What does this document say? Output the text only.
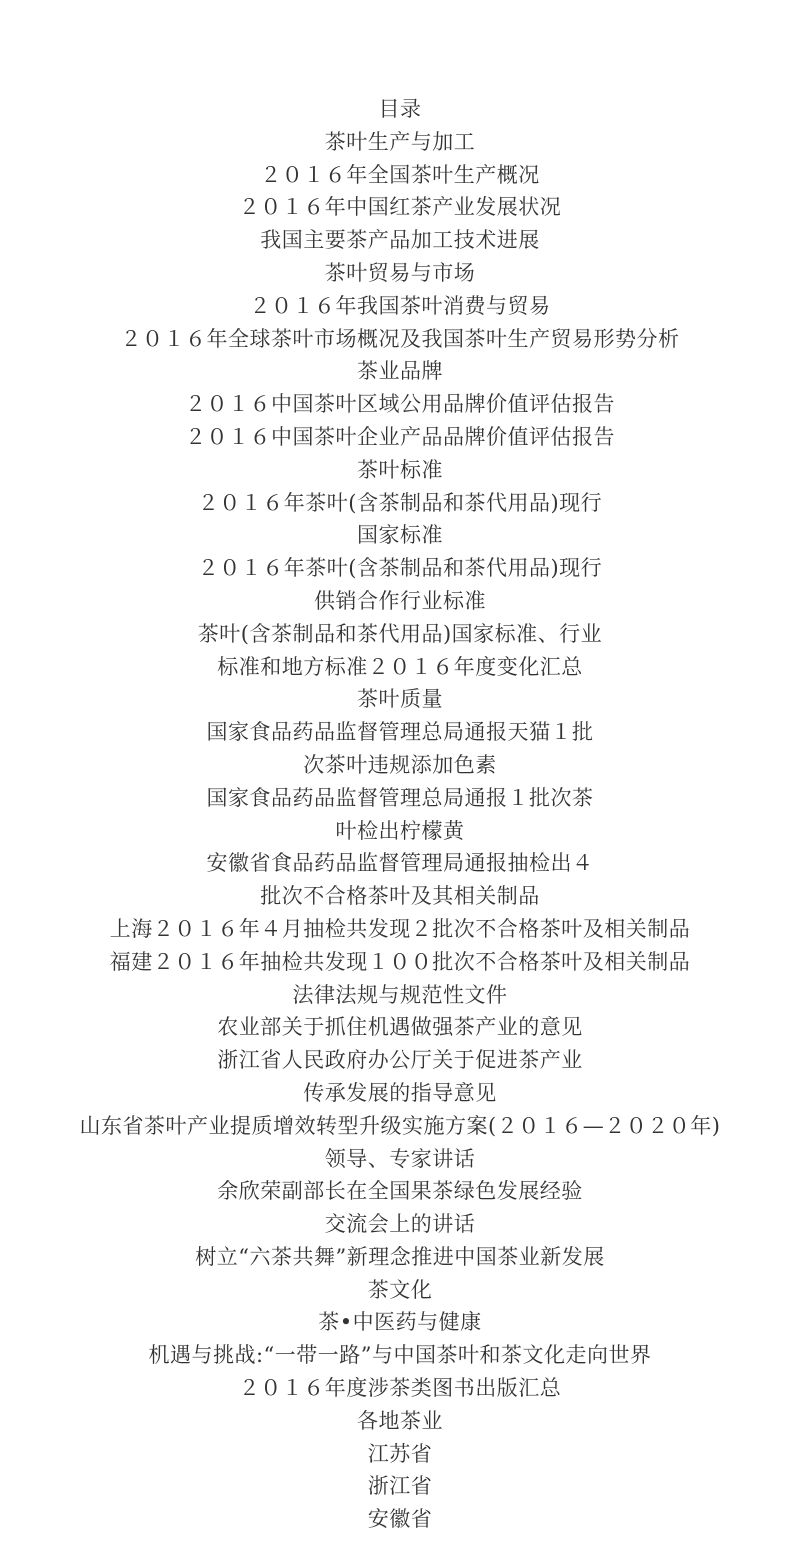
目录
茶叶生产与加工
２０１６年全国茶叶生产概况
２０１６年中国红茶产业发展状况
我国主要茶产品加工技术进展
茶叶贸易与市场
２０１６年我国茶叶消费与贸易
２０１６年全球茶叶市场概况及我国茶叶生产贸易形势分析
茶业品牌
２０１６中国茶叶区域公用品牌价值评估报告
２０１６中国茶叶企业产品品牌价值评估报告
茶叶标准
２０１６年茶叶(含茶制品和茶代用品)现行
国家标准
２０１６年茶叶(含茶制品和茶代用品)现行
供销合作行业标准
茶叶(含茶制品和茶代用品)国家标准、行业
标准和地方标准２０１６年度变化汇总
茶叶质量
国家食品药品监督管理总局通报天猫１批
次茶叶违规添加色素
国家食品药品监督管理总局通报１批次茶
叶检出柠檬黄
安徽省食品药品监督管理局通报抽检出４
批次不合格茶叶及其相关制品
上海２０１６年４月抽检共发现２批次不合格茶叶及相关制品
福建２０１６年抽检共发现１００批次不合格茶叶及相关制品
法律法规与规范性文件
农业部关于抓住机遇做强茶产业的意见
浙江省人民政府办公厅关于促进茶产业
传承发展的指导意见
山东省茶叶产业提质增效转型升级实施方案(２０１６—２０２０年)
领导、专家讲话
余欣荣副部长在全国果茶绿色发展经验
交流会上的讲话
树立“六茶共舞”新理念推进中国茶业新发展
茶文化
茶•中医药与健康
机遇与挑战:“一带一路”与中国茶叶和茶文化走向世界
２０１６年度涉茶类图书出版汇总
各地茶业
江苏省
浙江省
安徽省
